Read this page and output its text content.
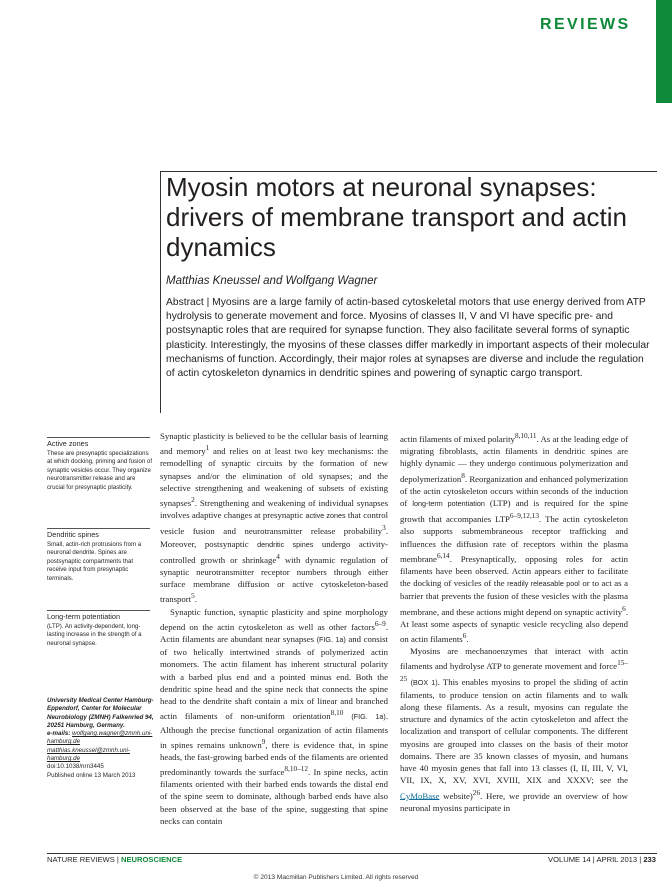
REVIEWS
Myosin motors at neuronal synapses: drivers of membrane transport and actin dynamics
Matthias Kneussel and Wolfgang Wagner
Abstract | Myosins are a large family of actin-based cytoskeletal motors that use energy derived from ATP hydrolysis to generate movement and force. Myosins of classes II, V and VI have specific pre- and postsynaptic roles that are required for synapse function. They also facilitate several forms of synaptic plasticity. Interestingly, the myosins of these classes differ markedly in important aspects of their molecular mechanisms of function. Accordingly, their major roles at synapses are diverse and include the regulation of actin cytoskeleton dynamics in dendritic spines and powering of synaptic cargo transport.
Active zones
These are presynaptic specializations at which docking, priming and fusion of synaptic vesicles occur. They organize neurotransmitter release and are crucial for presynaptic plasticity.
Dendritic spines
Small, actin-rich protrusions from a neuronal dendrite. Spines are postsynaptic compartments that receive input from presynaptic terminals.
Long-term potentiation
(LTP). An activity-dependent, long-lasting increase in the strength of a neuronal synapse.
University Medical Center Hamburg-Eppendorf, Center for Molecular Neurobiology (ZMNH) Falkenried 94, 20251 Hamburg, Germany.
e-mails: wolfgang.wagner@zmnh.uni-hamburg.de
matthias.kneussel@zmnh.uni-hamburg.de
doi:10.1038/nrn3445
Published online 13 March 2013

Synaptic plasticity is believed to be the cellular basis of learning and memory$^1$ and relies on at least two key mechanisms: the remodelling of synaptic circuits by the formation of new synapses and/or the elimination of old synapses; and the selective strengthening and weakening of subsets of existing synapses$^2$. Strengthening and weakening of individual synapses involves adaptive changes at presynaptic active zones that control vesicle fusion and neurotransmitter release probability$^3$. Moreover, postsynaptic dendritic spines undergo activity-controlled growth or shrinkage$^4$ with dynamic regulation of synaptic neurotransmitter receptor numbers through either surface membrane diffusion or active cytoskeleton-based transport$^5$.

Synaptic function, synaptic plasticity and spine morphology depend on the actin cytoskeleton as well as other factors$^{6-9}$. Actin filaments are abundant near synapses (FIG. 1a) and consist of two helically intertwined strands of polymerized actin monomers. The actin filament has inherent structural polarity with a barbed plus end and a pointed minus end. Both the dendritic spine head and the spine neck that connects the spine head to the dendrite shaft contain a mix of linear and branched actin filaments of non-uniform orientation$^{8,10}$ (FIG. 1a). Although the precise functional organization of actin filaments in spines remains unknown$^9$, there is evidence that, in spine heads, the fast-growing barbed ends of the filaments are oriented predominantly towards the surface$^{8,10-12}$. In spine necks, actin filaments oriented with their barbed ends towards the distal end of the spine seem to dominate, although barbed ends have also been observed at the base of the spine, suggesting that spine necks can contain

actin filaments of mixed polarity$^{8,10,11}$. As at the leading edge of migrating fibroblasts, actin filaments in dendritic spines are highly dynamic — they undergo continuous polymerization and depolymerization$^8$. Reorganization and enhanced polymerization of the actin cytoskeleton occurs within seconds of the induction of long-term potentiation (LTP) and is required for the spine growth that accompanies LTP$^{6-9,12,13}$. The actin cytoskeleton also supports submembraneous receptor trafficking and influences the diffusion rate of receptors within the plasma membrane$^{6,14}$. Presynaptically, opposing roles for actin filaments have been observed. Actin appears either to facilitate the docking of vesicles of the readily releasable pool or to act as a barrier that prevents the fusion of these vesicles with the plasma membrane, and these actions might depend on synaptic activity$^6$. At least some aspects of synaptic vesicle recycling also depend on actin filaments$^6$.

Myosins are mechanoenzymes that interact with actin filaments and hydrolyse ATP to generate movement and force$^{15-25}$ (BOX 1). This enables myosins to propel the sliding of actin filaments, to produce tension on actin filaments and to walk along these filaments. As a result, myosins can regulate the structure and dynamics of the actin cytoskeleton and affect the localization and transport of cellular components. The different myosins are grouped into classes on the basis of their motor domains. There are 35 known classes of myosin, and humans have 40 myosin genes that fall into 13 classes (I, II, III, V, VI, VII, IX, X, XV, XVI, XVIII, XIX and XXXV; see the CyMoBase website)$^{26}$. Here, we provide an overview of how neuronal myosins participate in

NATURE REVIEWS | NEUROSCIENCE	VOLUME 14 | APRIL 2013 | 233
© 2013 Macmillan Publishers Limited. All rights reserved
